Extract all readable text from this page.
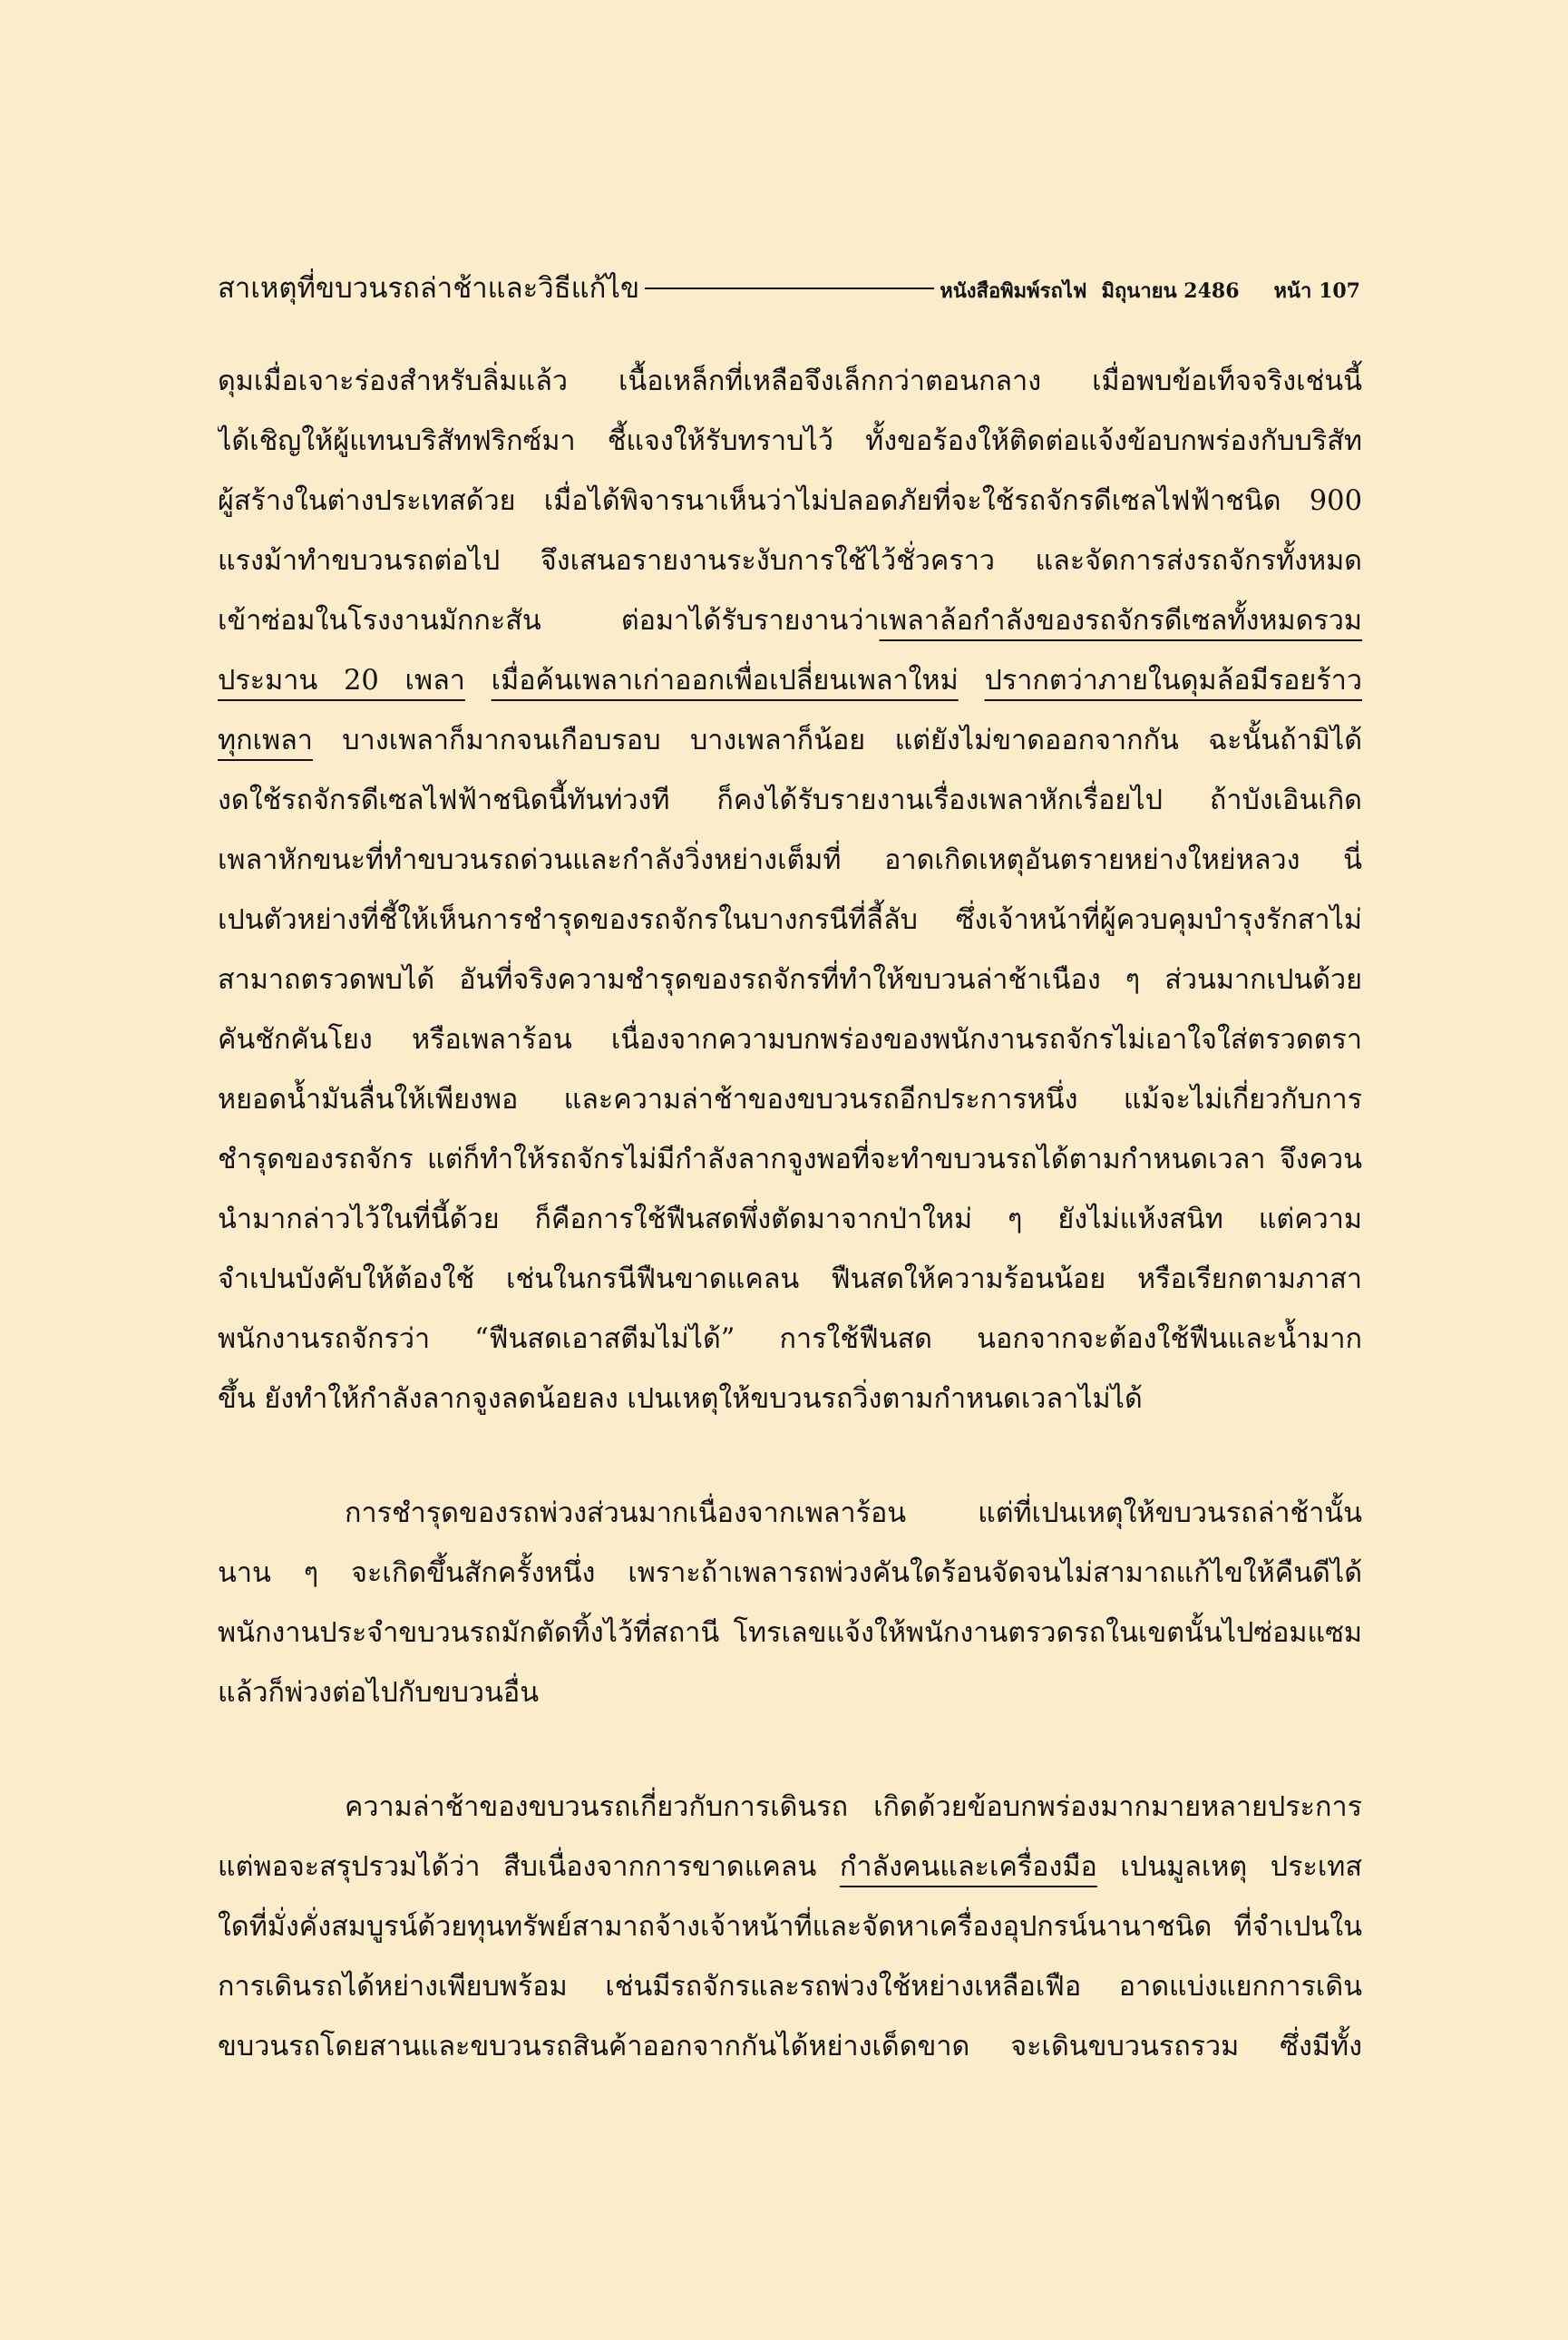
สาเหตุที่ขบวนรถล่าช้าและวิธีแก้ไข	หนังสือพิมพ์รถไฟ มิถุนายน 2486 หน้า 107
ดุมเมื่อเจาะร่องสำหรับลิ่มแล้ว เนื้อเหล็กที่เหลือจึงเล็กกว่าตอนกลาง เมื่อพบข้อเท็จจริงเช่นนี้
ได้เชิญให้ผู้แทนบริสัทฟริกซ์มา ชี้แจงให้รับทราบไว้ ทั้งขอร้องให้ติดต่อแจ้งข้อบกพร่องกับบริสัท
ผู้สร้างในต่างประเทสด้วย เมื่อได้พิจารนาเห็นว่าไม่ปลอดภัยที่จะใช้รถจักรดีเซลไฟฟ้าชนิด 900
แรงม้าทำขบวนรถต่อไป จึงเสนอรายงานระงับการใช้ไว้ชั่วคราว และจัดการส่งรถจักรทั้งหมด
เข้าซ่อมในโรงงานมักกะสัน ต่อมาได้รับรายงานว่าเพลาล้อกำลังของรถจักรดีเซลทั้งหมดรวม
ประมาน 20 เพลา เมื่อค้นเพลาเก่าออกเพื่อเปลี่ยนเพลาใหม่ ปรากตว่าภายในดุมล้อมีรอยร้าว
ทุกเพลา บางเพลาก็มากจนเกือบรอบ บางเพลาก็น้อย แต่ยังไม่ขาดออกจากกัน ฉะนั้นถ้ามิได้
งดใช้รถจักรดีเซลไฟฟ้าชนิดนี้ทันท่วงที ก็คงได้รับรายงานเรื่องเพลาหักเรื่อยไป ถ้าบังเอินเกิด
เพลาหักขนะที่ทำขบวนรถด่วนและกำลังวิ่งหย่างเต็มที่ อาดเกิดเหตุอันตรายหย่างใหย่หลวง นี่
เปนตัวหย่างที่ชี้ให้เห็นการชำรุดของรถจักรในบางกรนีที่ลี้ลับ ซึ่งเจ้าหน้าที่ผู้ควบคุมบำรุงรักสาไม่
สามาถตรวดพบได้ อันที่จริงความชำรุดของรถจักรที่ทำให้ขบวนล่าช้าเนือง ๆ ส่วนมากเปนด้วย
คันชักคันโยง หรือเพลาร้อน เนื่องจากความบกพร่องของพนักงานรถจักรไม่เอาใจใส่ตรวดตรา
หยอดน้ำมันลื่นให้เพียงพอ และความล่าช้าของขบวนรถอีกประการหนึ่ง แม้จะไม่เกี่ยวกับการ
ชำรุดของรถจักร แต่ก็ทำให้รถจักรไม่มีกำลังลากจูงพอที่จะทำขบวนรถได้ตามกำหนดเวลา จึงควน
นำมากล่าวไว้ในที่นี้ด้วย ก็คือการใช้ฟืนสดพึ่งตัดมาจากป่าใหม่ ๆ ยังไม่แห้งสนิท แต่ความ
จำเปนบังคับให้ต้องใช้ เช่นในกรนีฟืนขาดแคลน ฟืนสดให้ความร้อนน้อย หรือเรียกตามภาสา
พนักงานรถจักรว่า “ฟืนสดเอาสตีมไม่ได้” การใช้ฟืนสด นอกจากจะต้องใช้ฟืนและน้ำมาก
ขึ้น ยังทำให้กำลังลากจูงลดน้อยลง เปนเหตุให้ขบวนรถวิ่งตามกำหนดเวลาไม่ได้
การชำรุดของรถพ่วงส่วนมากเนื่องจากเพลาร้อน แต่ที่เปนเหตุให้ขบวนรถล่าช้านั้น
นาน ๆ จะเกิดขึ้นสักครั้งหนึ่ง เพราะถ้าเพลารถพ่วงคันใดร้อนจัดจนไม่สามาถแก้ไขให้คืนดีได้
พนักงานประจำขบวนรถมักตัดทิ้งไว้ที่สถานี โทรเลขแจ้งให้พนักงานตรวดรถในเขตนั้นไปซ่อมแซม
แล้วก็พ่วงต่อไปกับขบวนอื่น
ความล่าช้าของขบวนรถเกี่ยวกับการเดินรถ เกิดด้วยข้อบกพร่องมากมายหลายประการ
แต่พอจะสรุปรวมได้ว่า สืบเนื่องจากการขาดแคลน กำลังคนและเครื่องมือ เปนมูลเหตุ ประเทส
ใดที่มั่งคั่งสมบูรน์ด้วยทุนทรัพย์สามาถจ้างเจ้าหน้าที่และจัดหาเครื่องอุปกรน์นานาชนิด ที่จำเปนใน
การเดินรถได้หย่างเพียบพร้อม เช่นมีรถจักรและรถพ่วงใช้หย่างเหลือเฟือ อาดแบ่งแยกการเดิน
ขบวนรถโดยสานและขบวนรถสินค้าออกจากกันได้หย่างเด็ดขาด จะเดินขบวนรถรวม ซึ่งมีทั้ง
